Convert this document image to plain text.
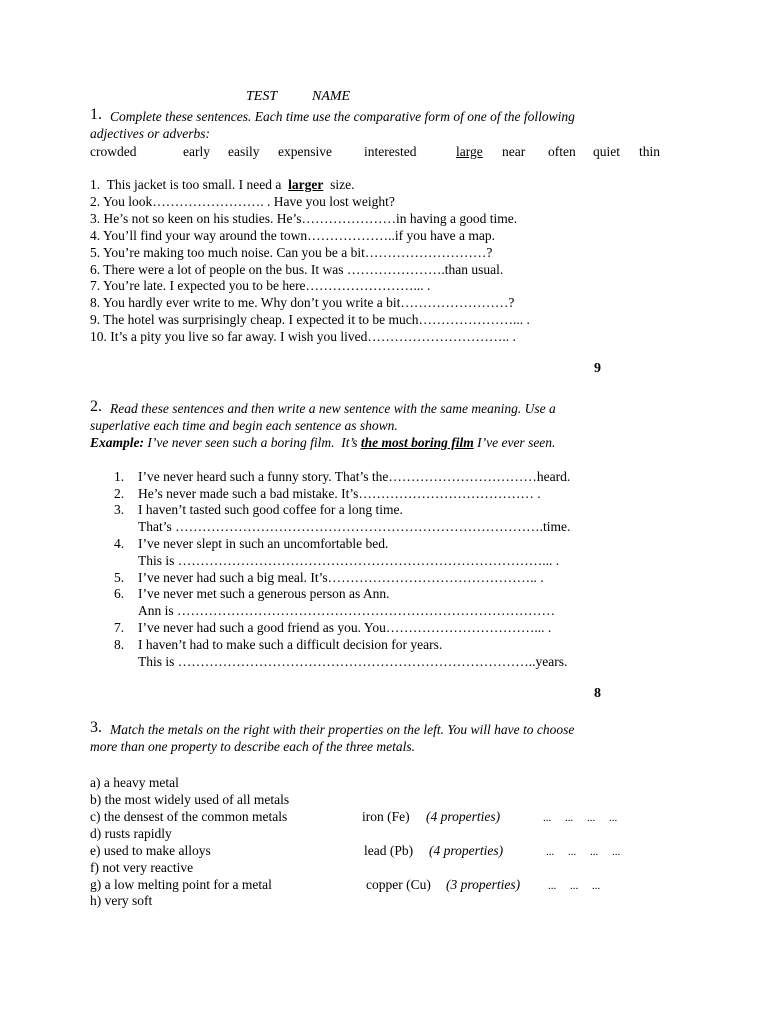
TEST NAME
1. Complete these sentences. Each time use the comparative form of one of the following
adjectives or adverbs:
crowded	early easily expensive interested	large near often quiet thin
1.  This jacket is too small. I need a  larger  size.
2. You look……………………. . Have you lost weight?
3. He’s not so keen on his studies. He’s…………………in having a good time.
4. You’ll find your way around the town………………..if you have a map.
5. You’re making too much noise. Can you be a bit………………………?
6. There were a lot of people on the bus. It was ………………….than usual.
7. You’re late. I expected you to be here……………………... .
8. You hardly ever write to me. Why don’t you write a bit……………………?
9. The hotel was surprisingly cheap. I expected it to be much…………………... .
10. It’s a pity you live so far away. I wish you lived………………………….. .
9
2. Read these sentences and then write a new sentence with the same meaning. Use a
superlative each time and begin each sentence as shown.
Example: I’ve never seen such a boring film.  It’s the most boring film I’ve ever seen.
1. I’ve never heard such a funny story. That’s the……………………………heard.
2. He’s never made such a bad mistake. It’s………………………………… .
3. I haven’t tasted such good coffee for a long time.
That’s ……………………………………………………………………….time.
4. I’ve never slept in such an uncomfortable bed.
This is ………………………………………………………………………... .
5. I’ve never had such a big meal. It’s……………………………………….. .
6. I’ve never met such a generous person as Ann.
Ann is …………………………………………………………………………
7. I’ve never had such a good friend as you. You……………………………... .
8. I haven’t had to make such a difficult decision for years.
This is ……………………………………………………………………..years.
8
3. Match the metals on the right with their properties on the left. You will have to choose
more than one property to describe each of the three metals.
a) a heavy metal
b) the most widely used of all metals
c) the densest of the common metals
d) rusts rapidly
e) used to make alloys
f) not very reactive
g) a low melting point for a metal
h) very soft
iron (Fe) (4 properties)	...     ...     ...     ...
lead (Pb) (4 properties)	...     ...     ...     ...
copper (Cu) (3 properties)	...     ...     ...
